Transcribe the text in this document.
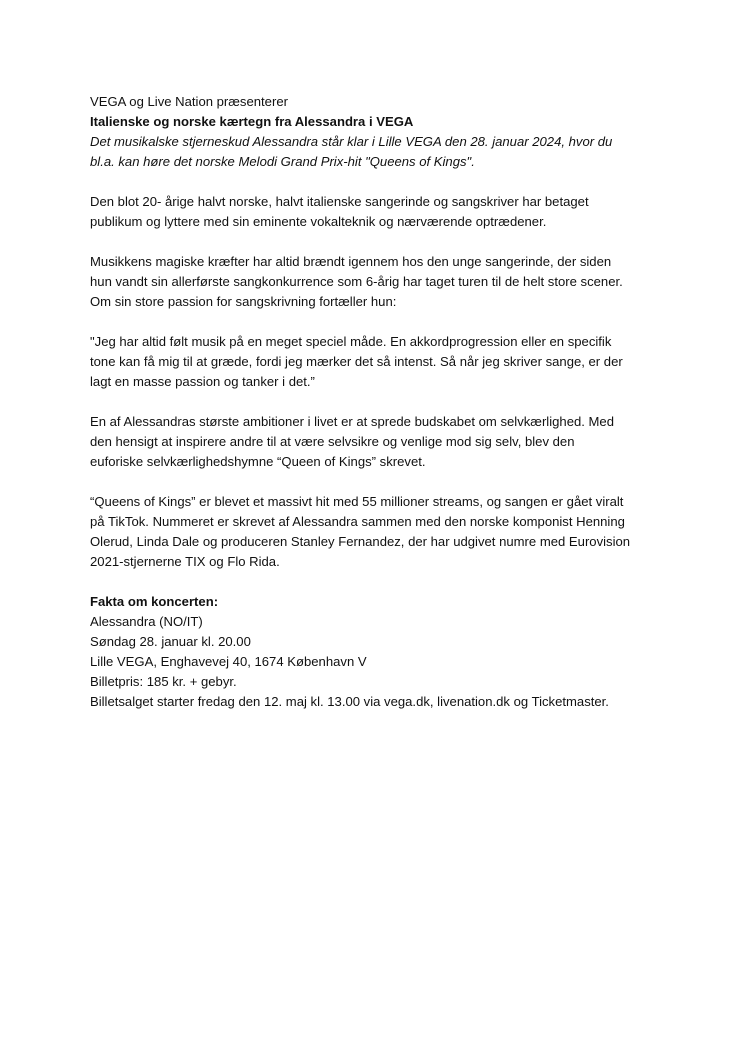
VEGA og Live Nation præsenterer
Italienske og norske kærtegn fra Alessandra i VEGA
Det musikalske stjerneskud Alessandra står klar i Lille VEGA den 28. januar 2024, hvor du
bl.a. kan høre det norske Melodi Grand Prix-hit "Queens of Kings".
Den blot 20- årige halvt norske, halvt italienske sangerinde og sangskriver har betaget
publikum og lyttere med sin eminente vokalteknik og nærværende optrædener.
Musikkens magiske kræfter har altid brændt igennem hos den unge sangerinde, der siden
hun vandt sin allerførste sangkonkurrence som 6-årig har taget turen til de helt store scener.
Om sin store passion for sangskrivning fortæller hun:
"Jeg har altid følt musik på en meget speciel måde. En akkordprogression eller en specifik
tone kan få mig til at græde, fordi jeg mærker det så intenst. Så når jeg skriver sange, er der
lagt en masse passion og tanker i det.”
En af Alessandras største ambitioner i livet er at sprede budskabet om selvkærlighed. Med
den hensigt at inspirere andre til at være selvsikre og venlige mod sig selv, blev den
euforiske selvkærlighedshymne “Queen of Kings” skrevet.
“Queens of Kings” er blevet et massivt hit med 55 millioner streams, og sangen er gået viralt
på TikTok. Nummeret er skrevet af Alessandra sammen med den norske komponist Henning
Olerud, Linda Dale og produceren Stanley Fernandez, der har udgivet numre med Eurovision
2021-stjernerne TIX og Flo Rida.
Fakta om koncerten:
Alessandra (NO/IT)
Søndag 28. januar kl. 20.00
Lille VEGA, Enghavevej 40, 1674 København V
Billetpris: 185 kr. + gebyr.
Billetsalget starter fredag den 12. maj kl. 13.00 via vega.dk, livenation.dk og Ticketmaster.
